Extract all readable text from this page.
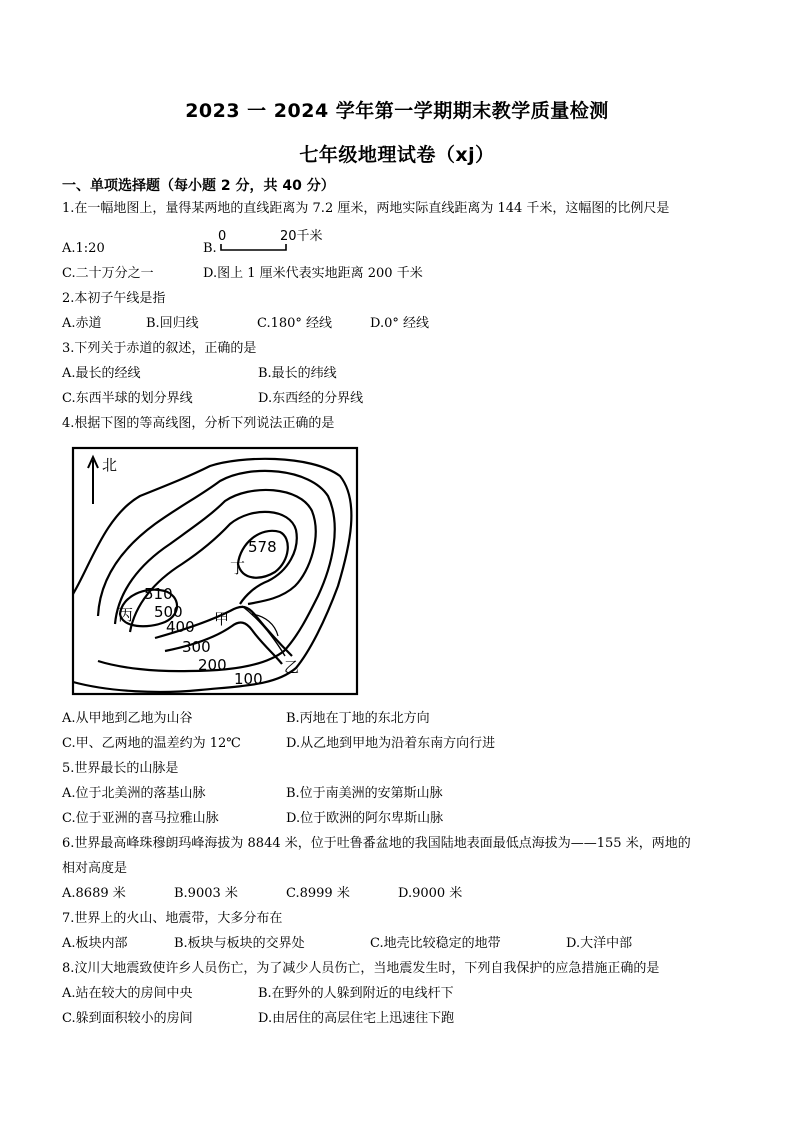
2023 一 2024 学年第一学期期末教学质量检测
七年级地理试卷（xj）
一、单项选择题（每小题 2 分，共 40 分）
1.在一幅地图上，量得某两地的直线距离为 7.2 厘米，两地实际直线距离为 144 千米，这幅图的比例尺是
A.1:20	B.
0	20千米
C.二十万分之一	D.图上 1 厘米代表实地距离 200 千米
2.本初子午线是指
A.赤道	B.回归线	C.180° 经线	D.0° 经线
3.下列关于赤道的叙述，正确的是
A.最长的经线	B.最长的纬线
C.东西半球的划分界线	D.东西经的分界线
4.根据下图的等高线图，分析下列说法正确的是
北
578
丁
510
丙 500
400 甲
300
200
100
乙
A.从甲地到乙地为山谷	B.丙地在丁地的东北方向
C.甲、乙两地的温差约为 12℃	D.从乙地到甲地为沿着东南方向行进
5.世界最长的山脉是
A.位于北美洲的落基山脉	B.位于南美洲的安第斯山脉
C.位于亚洲的喜马拉雅山脉	D.位于欧洲的阿尔卑斯山脉
6.世界最高峰珠穆朗玛峰海拔为 8844 米，位于吐鲁番盆地的我国陆地表面最低点海拔为——155 米，两地的
相对高度是
A.8689 米	B.9003 米	C.8999 米	D.9000 米
7.世界上的火山、地震带，大多分布在
A.板块内部	B.板块与板块的交界处	C.地壳比较稳定的地带	D.大洋中部
8.汶川大地震致使许乡人员伤亡，为了减少人员伤亡，当地震发生时，下列自我保护的应急措施正确的是
A.站在较大的房间中央	B.在野外的人躲到附近的电线杆下
C.躲到面积较小的房间	D.由居住的高层住宅上迅速往下跑
